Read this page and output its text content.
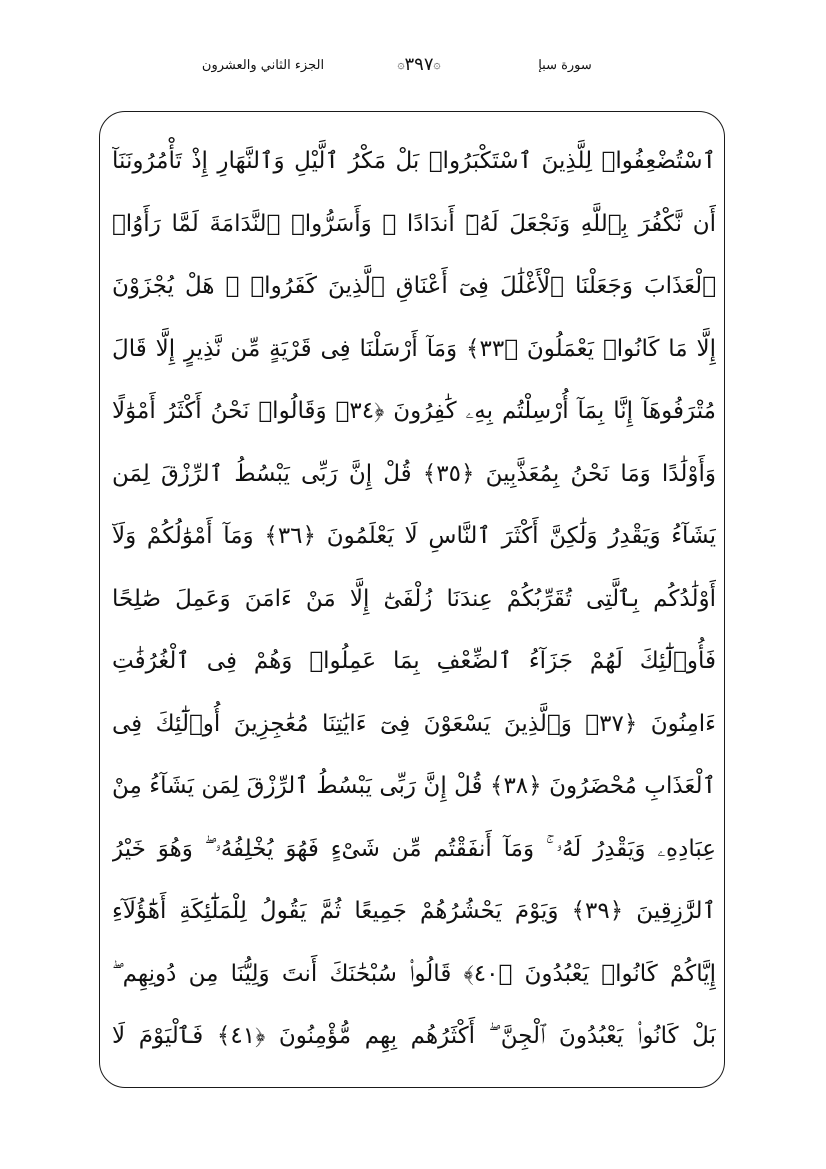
الجزء الثاني والعشرون	۞٣٩٧۞	سورة سبإ
ٱسْتُضْعِفُوا۟ لِلَّذِينَ ٱسْتَكْبَرُوا۟ بَلْ مَكْرُ ٱلَّيْلِ وَٱلنَّهَارِ إِذْ تَأْمُرُونَنَآ
أَن نَّكْفُرَ بِٱللَّهِ وَنَجْعَلَ لَهُۥٓ أَندَادًا ۚ وَأَسَرُّوا۟ ٱلنَّدَامَةَ لَمَّا رَأَوُا۟
ٱلْعَذَابَ وَجَعَلْنَا ٱلْأَغْلَٰلَ فِىٓ أَعْنَاقِ ٱلَّذِينَ كَفَرُوا۟ ۚ هَلْ يُجْزَوْنَ
إِلَّا مَا كَانُوا۟ يَعْمَلُونَ ﴿٣٣﴾ وَمَآ أَرْسَلْنَا فِى قَرْيَةٍ مِّن نَّذِيرٍ إِلَّا قَالَ
مُتْرَفُوهَآ إِنَّا بِمَآ أُرْسِلْتُم بِهِۦ كَٰفِرُونَ ﴿٣٤﴾ وَقَالُوا۟ نَحْنُ أَكْثَرُ أَمْوَٰلًا
وَأَوْلَٰدًا وَمَا نَحْنُ بِمُعَذَّبِينَ ﴿٣٥﴾ قُلْ إِنَّ رَبِّى يَبْسُطُ ٱلرِّزْقَ لِمَن
يَشَآءُ وَيَقْدِرُ وَلَٰكِنَّ أَكْثَرَ ٱلنَّاسِ لَا يَعْلَمُونَ ﴿٣٦﴾ وَمَآ أَمْوَٰلُكُمْ وَلَآ
أَوْلَٰدُكُم بِٱلَّتِى تُقَرِّبُكُمْ عِندَنَا زُلْفَىٰٓ إِلَّا مَنْ ءَامَنَ وَعَمِلَ صَٰلِحًا
فَأُو۟لَٰٓئِكَ لَهُمْ جَزَآءُ ٱلضِّعْفِ بِمَا عَمِلُوا۟ وَهُمْ فِى ٱلْغُرُفَٰتِ
ءَامِنُونَ ﴿٣٧﴾ وَٱلَّذِينَ يَسْعَوْنَ فِىٓ ءَايَٰتِنَا مُعَٰجِزِينَ أُو۟لَٰٓئِكَ فِى
ٱلْعَذَابِ مُحْضَرُونَ ﴿٣٨﴾ قُلْ إِنَّ رَبِّى يَبْسُطُ ٱلرِّزْقَ لِمَن يَشَآءُ مِنْ
عِبَادِهِۦ وَيَقْدِرُ لَهُۥ ۚ وَمَآ أَنفَقْتُم مِّن شَىْءٍ فَهُوَ يُخْلِفُهُۥ ۖ وَهُوَ خَيْرُ
ٱلرَّٰزِقِينَ ﴿٣٩﴾ وَيَوْمَ يَحْشُرُهُمْ جَمِيعًا ثُمَّ يَقُولُ لِلْمَلَٰٓئِكَةِ أَهَٰٓؤُلَآءِ
إِيَّاكُمْ كَانُوا۟ يَعْبُدُونَ ﴿٤٠﴾ قَالُوا۟ سُبْحَٰنَكَ أَنتَ وَلِيُّنَا مِن دُونِهِم ۖ
بَلْ كَانُوا۟ يَعْبُدُونَ ٱلْجِنَّ ۖ أَكْثَرُهُم بِهِم مُّؤْمِنُونَ ﴿٤١﴾ فَٱلْيَوْمَ لَا
